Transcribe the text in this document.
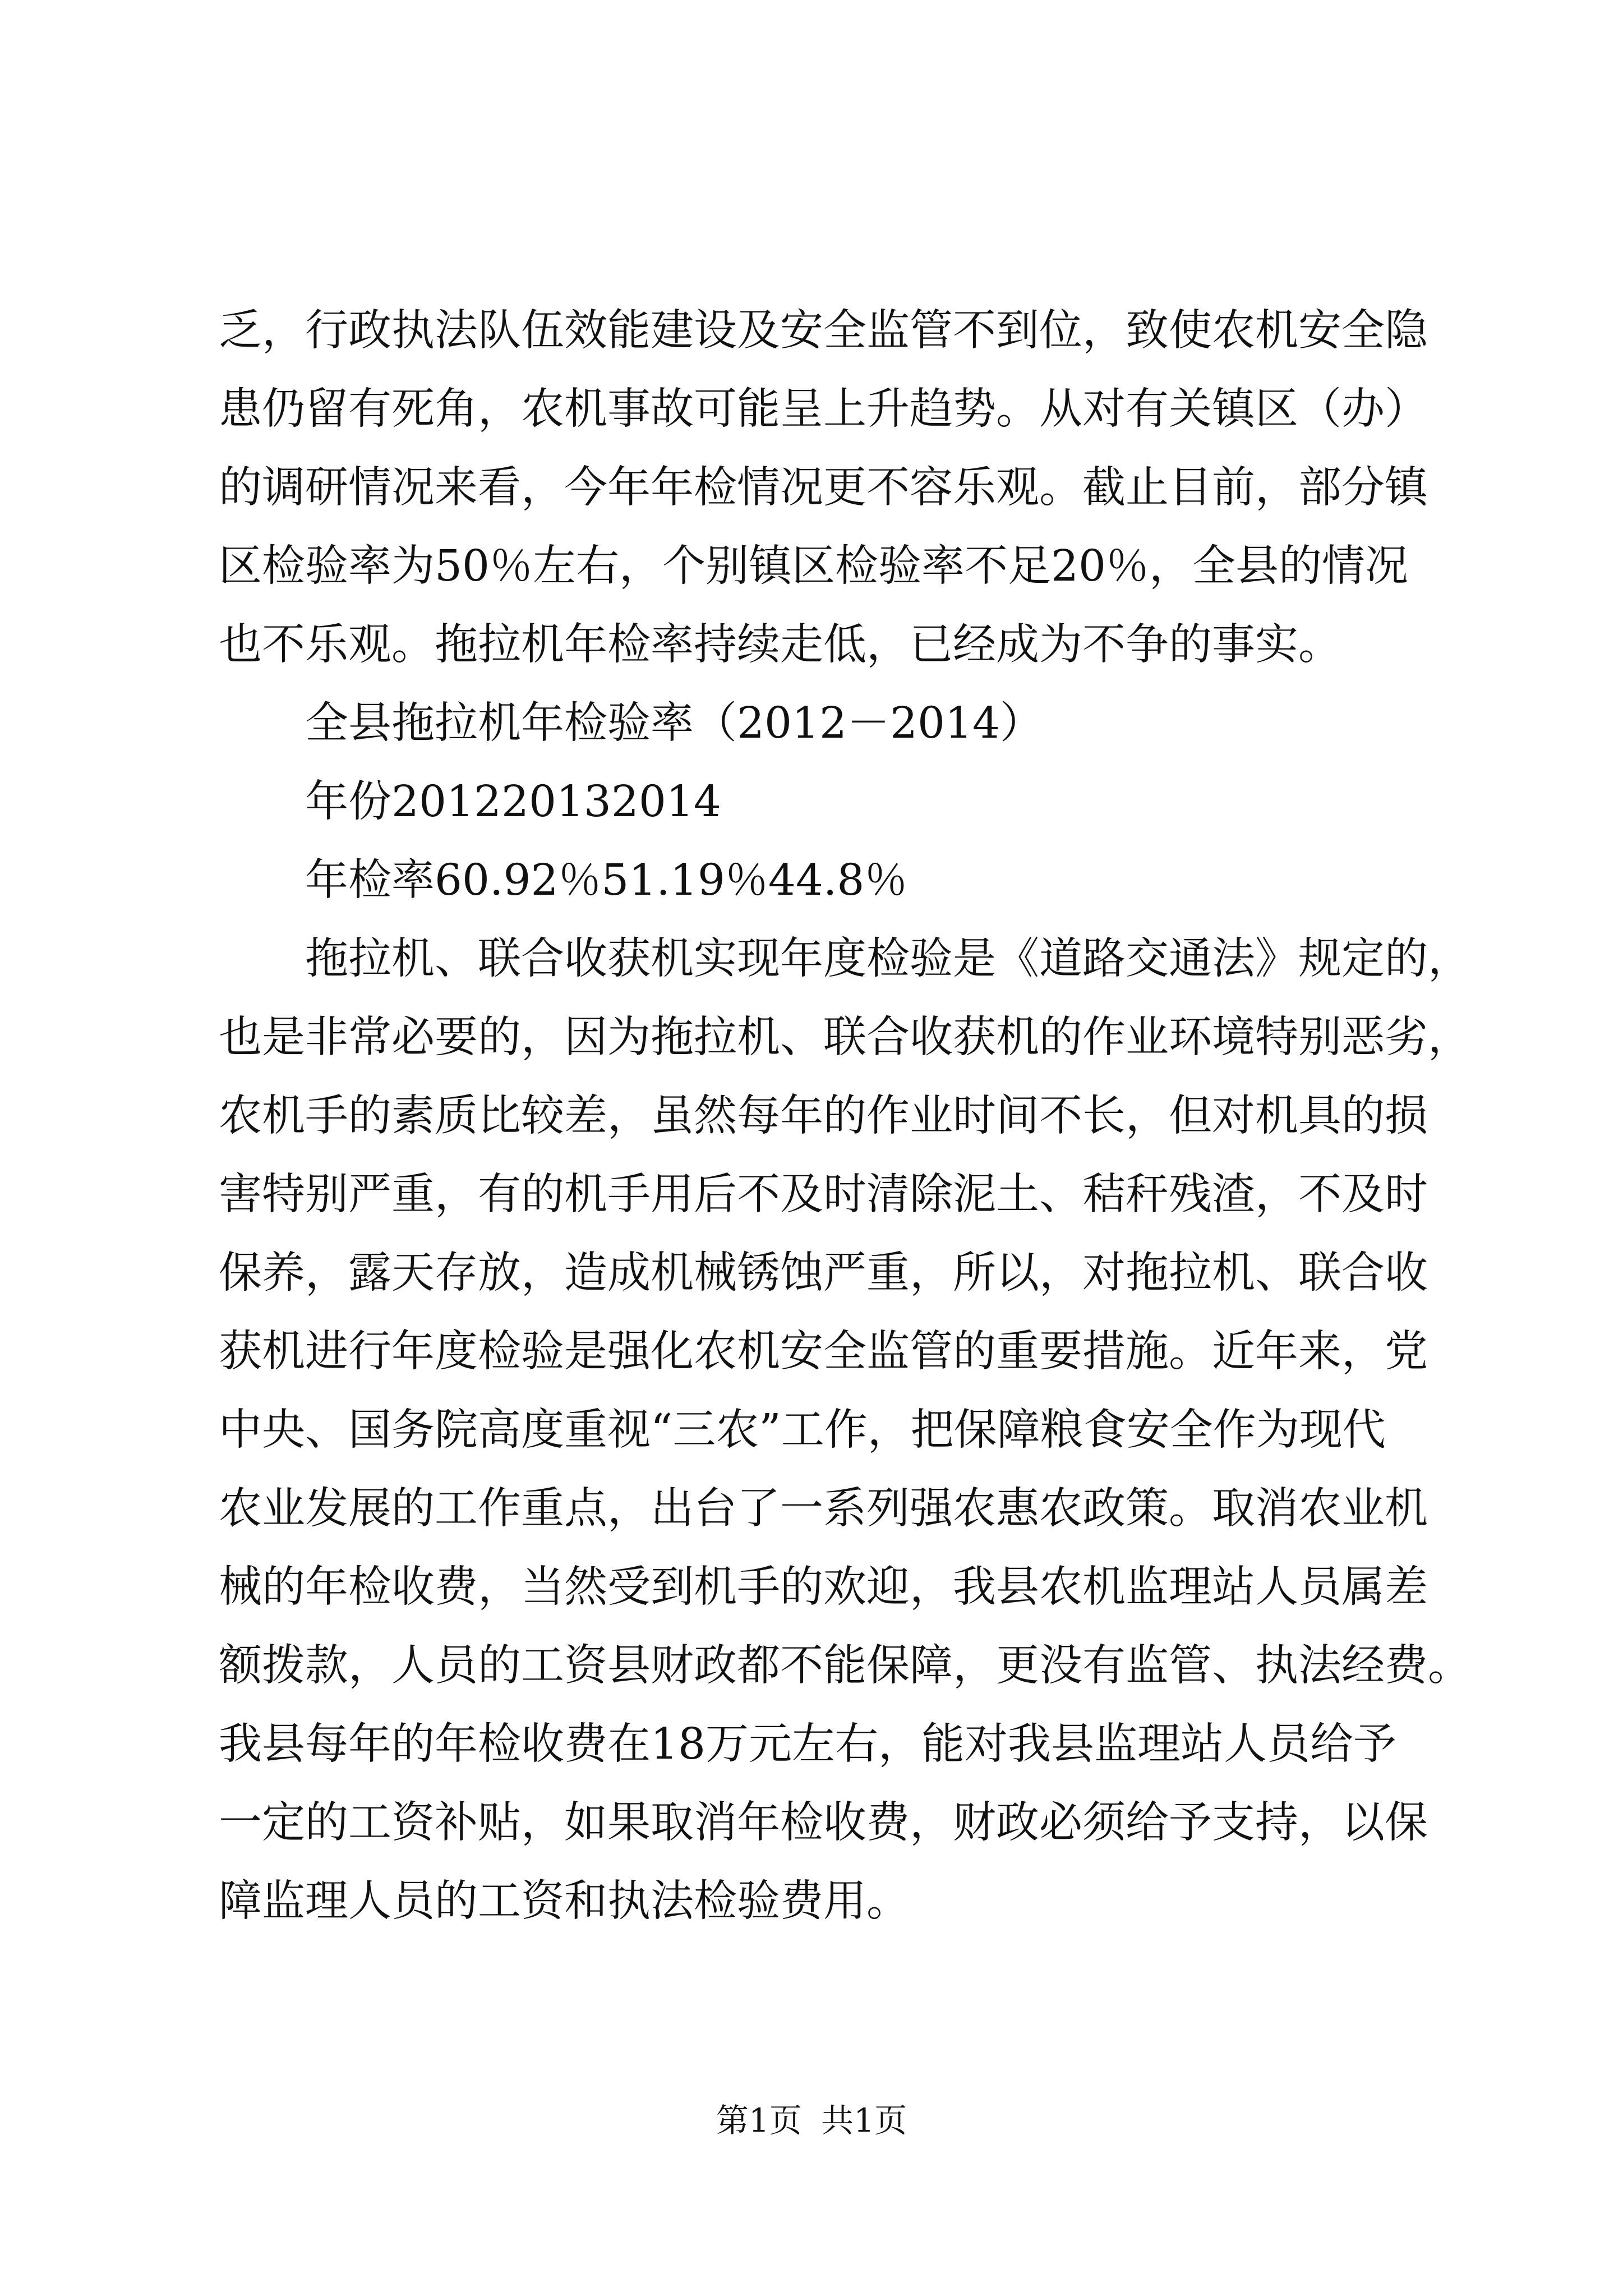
乏，行政执法队伍效能建设及安全监管不到位，致使农机安全隐

患仍留有死角，农机事故可能呈上升趋势。从对有关镇区（办）

的调研情况来看，今年年检情况更不容乐观。截止目前，部分镇

区检验率为50％左右，个别镇区检验率不足20％，全县的情况

也不乐观。拖拉机年检率持续走低，已经成为不争的事实。

全县拖拉机年检验率（2012－2014）

年份201220132014

年检率60.92％51.19％44.8％

拖拉机、联合收获机实现年度检验是《道路交通法》规定的，

也是非常必要的，因为拖拉机、联合收获机的作业环境特别恶劣，

农机手的素质比较差，虽然每年的作业时间不长，但对机具的损

害特别严重，有的机手用后不及时清除泥土、秸秆残渣，不及时

保养，露天存放，造成机械锈蚀严重，所以，对拖拉机、联合收

获机进行年度检验是强化农机安全监管的重要措施。近年来，党

中央、国务院高度重视“三农”工作，把保障粮食安全作为现代

农业发展的工作重点，出台了一系列强农惠农政策。取消农业机

械的年检收费，当然受到机手的欢迎，我县农机监理站人员属差

额拨款，人员的工资县财政都不能保障，更没有监管、执法经费。

我县每年的年检收费在18万元左右，能对我县监理站人员给予

一定的工资补贴，如果取消年检收费，财政必须给予支持，以保

障监理人员的工资和执法检验费用。

第1页 共1页
